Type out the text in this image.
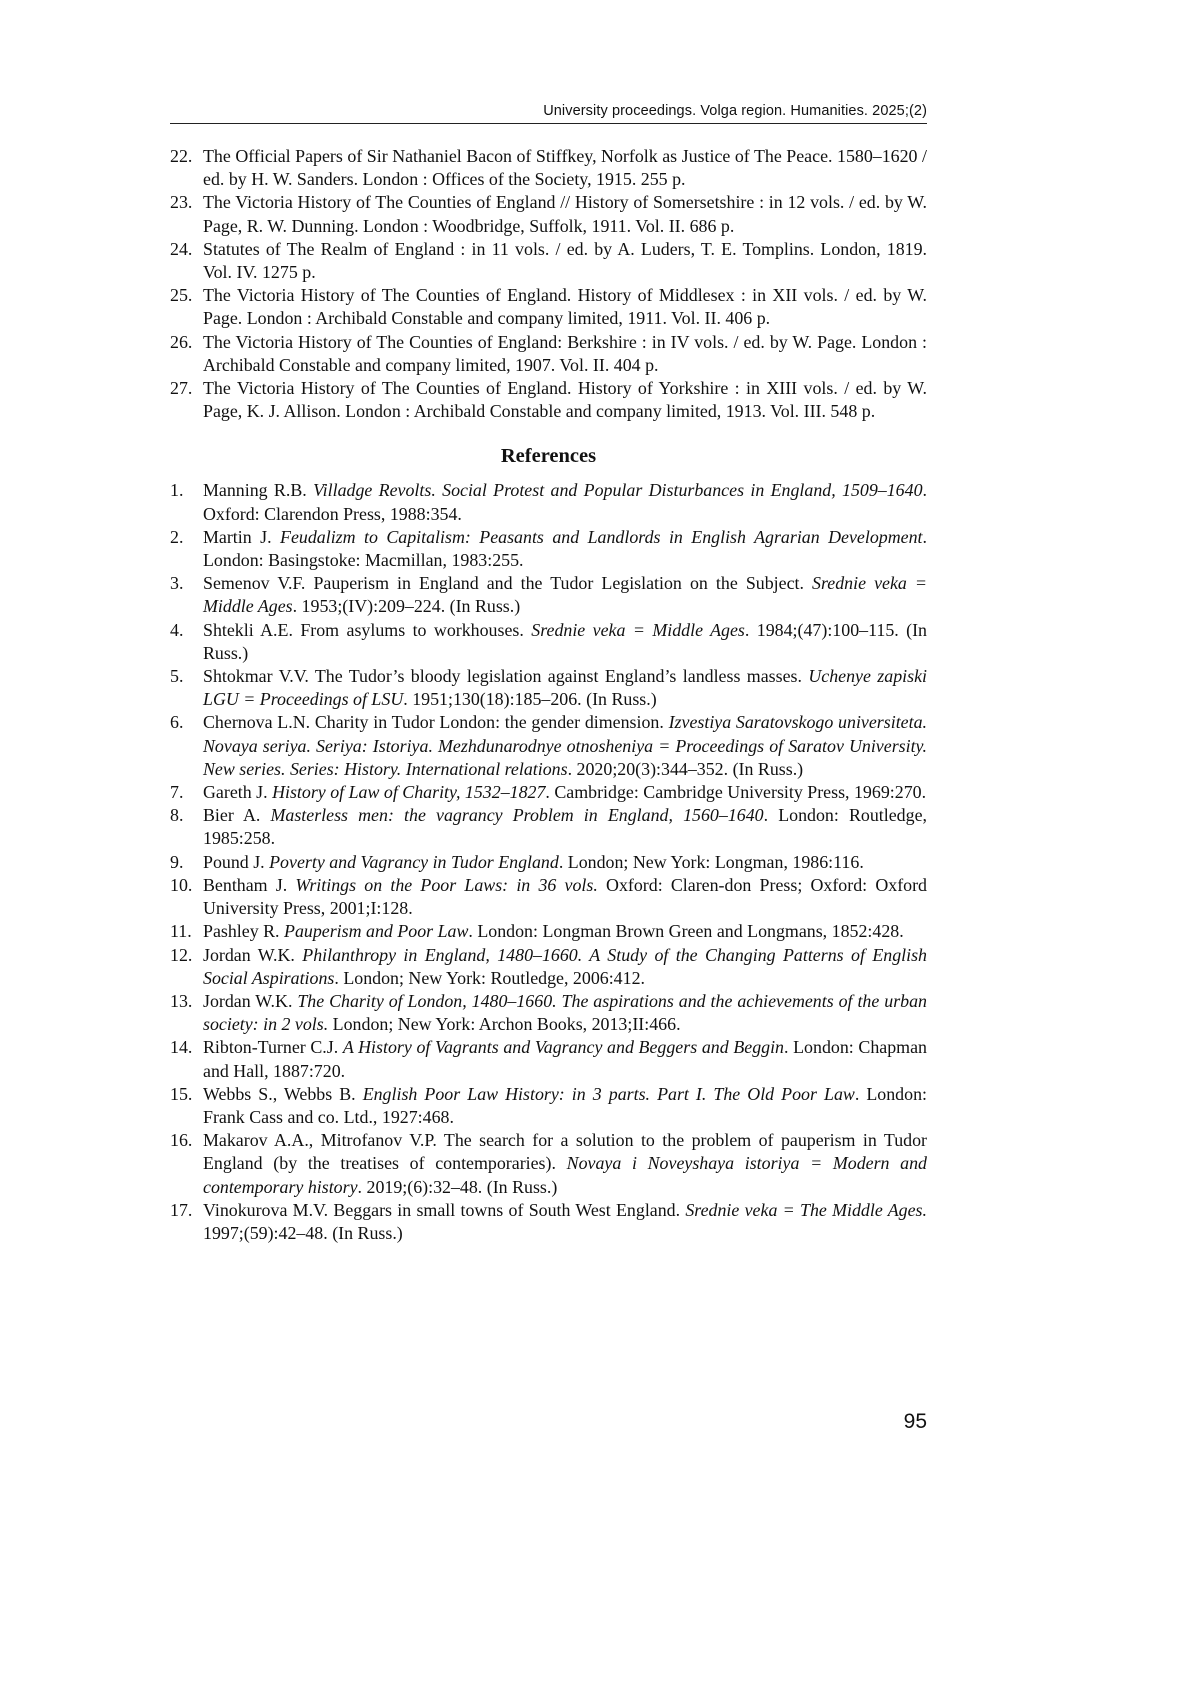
University proceedings. Volga region. Humanities. 2025;(2)
22. The Official Papers of Sir Nathaniel Bacon of Stiffkey, Norfolk as Justice of The Peace. 1580–1620 / ed. by H. W. Sanders. London : Offices of the Society, 1915. 255 p.
23. The Victoria History of The Counties of England // History of Somersetshire : in 12 vols. / ed. by W. Page, R. W. Dunning. London : Woodbridge, Suffolk, 1911. Vol. II. 686 p.
24. Statutes of The Realm of England : in 11 vols. / ed. by A. Luders, T. E. Tomplins. London, 1819. Vol. IV. 1275 p.
25. The Victoria History of The Counties of England. History of Middlesex : in XII vols. / ed. by W. Page. London : Archibald Constable and company limited, 1911. Vol. II. 406 p.
26. The Victoria History of The Counties of England: Berkshire : in IV vols. / ed. by W. Page. London : Archibald Constable and company limited, 1907. Vol. II. 404 p.
27. The Victoria History of The Counties of England. History of Yorkshire : in XIII vols. / ed. by W. Page, K. J. Allison. London : Archibald Constable and company limited, 1913. Vol. III. 548 p.
References
1.	Manning R.B. Villadge Revolts. Social Protest and Popular Disturbances in England, 1509–1640. Oxford: Clarendon Press, 1988:354.
2.	Martin J. Feudalizm to Capitalism: Peasants and Landlords in English Agrarian Development. London: Basingstoke: Macmillan, 1983:255.
3.	Semenov V.F. Pauperism in England and the Tudor Legislation on the Subject. Srednie veka = Middle Ages. 1953;(IV):209–224. (In Russ.)
4.	Shtekli A.E. From asylums to workhouses. Srednie veka = Middle Ages. 1984;(47):100–115. (In Russ.)
5.	Shtokmar V.V. The Tudor’s bloody legislation against England’s landless masses. Uchenye zapiski LGU = Proceedings of LSU. 1951;130(18):185–206. (In Russ.)
6.	Chernova L.N. Charity in Tudor London: the gender dimension. Izvestiya Saratovskogo universiteta. Novaya seriya. Seriya: Istoriya. Mezhdunarodnye otnosheniya = Proceedings of Saratov University. New series. Series: History. International relations. 2020;20(3):344–352. (In Russ.)
7.	Gareth J. History of Law of Charity, 1532–1827. Cambridge: Cambridge University Press, 1969:270.
8.	Bier A. Masterless men: the vagrancy Problem in England, 1560–1640. London: Routledge, 1985:258.
9.	Pound J. Poverty and Vagrancy in Tudor England. London; New York: Longman, 1986:116.
10. Bentham J. Writings on the Poor Laws: in 36 vols. Oxford: Claren-don Press; Oxford: Oxford University Press, 2001;I:128.
11. Pashley R. Pauperism and Poor Law. London: Longman Brown Green and Longmans, 1852:428.
12. Jordan W.K. Philanthropy in England, 1480–1660. A Study of the Changing Patterns of English Social Aspirations. London; New York: Routledge, 2006:412.
13. Jordan W.K. The Charity of London, 1480–1660. The aspirations and the achievements of the urban society: in 2 vols. London; New York: Archon Books, 2013;II:466.
14. Ribton-Turner C.J. A History of Vagrants and Vagrancy and Beggers and Beggin. London: Chapman and Hall, 1887:720.
15. Webbs S., Webbs B. English Poor Law History: in 3 parts. Part I. The Old Poor Law. London: Frank Cass and co. Ltd., 1927:468.
16. Makarov A.A., Mitrofanov V.P. The search for a solution to the problem of pauperism in Tudor England (by the treatises of contemporaries). Novaya i Noveyshaya istoriya = Modern and contemporary history. 2019;(6):32–48. (In Russ.)
17. Vinokurova M.V. Beggars in small towns of South West England. Srednie veka = The Middle Ages. 1997;(59):42–48. (In Russ.)
95
